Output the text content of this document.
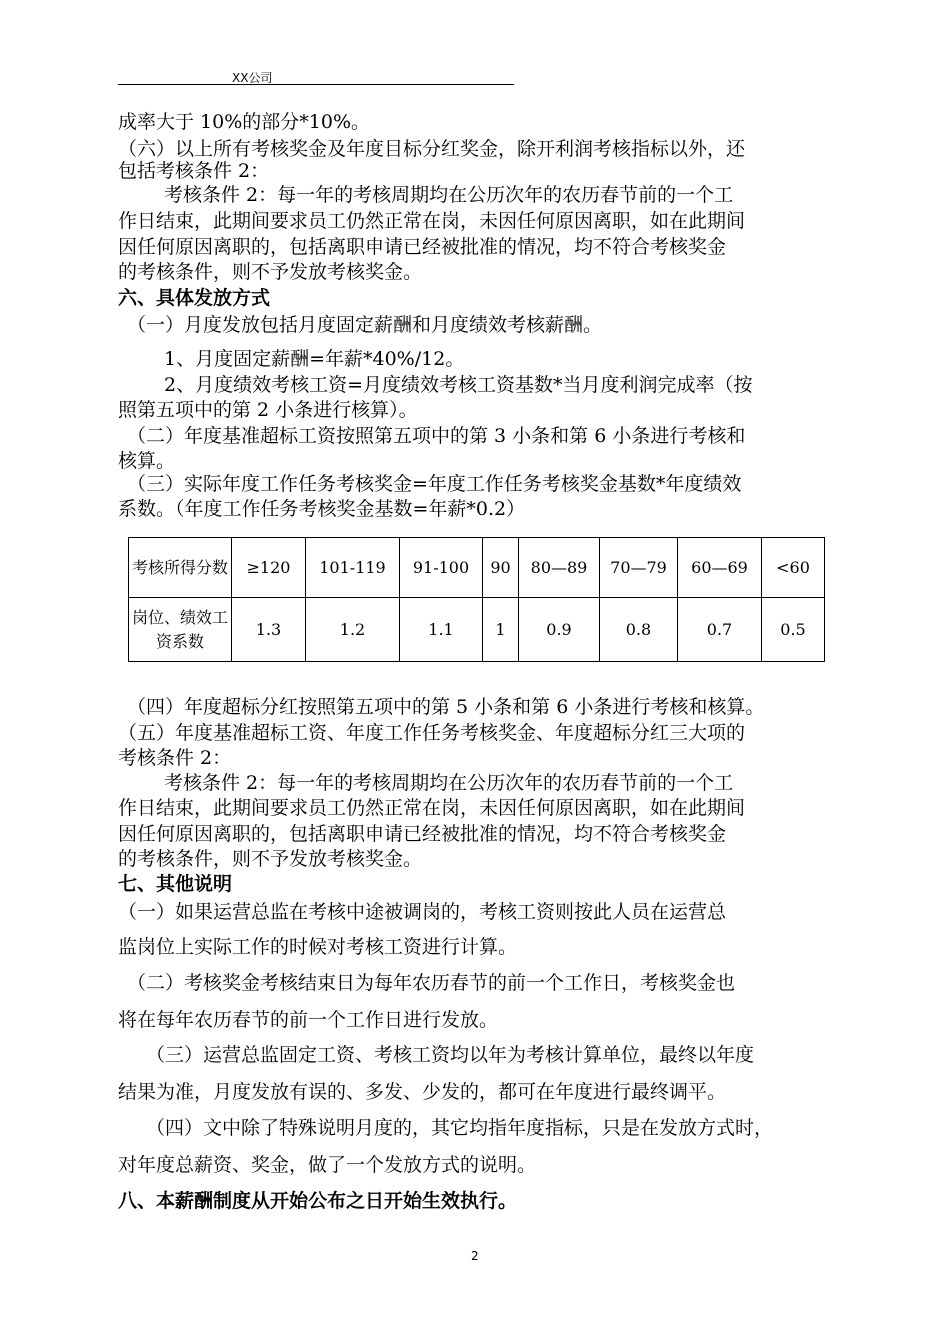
XX公司
成率大于 10%的部分*10%。
（六）以上所有考核奖金及年度目标分红奖金，除开利润考核指标以外，还
包括考核条件 2：
考核条件 2：每一年的考核周期均在公历次年的农历春节前的一个工
作日结束，此期间要求员工仍然正常在岗，未因任何原因离职，如在此期间
因任何原因离职的，包括离职申请已经被批准的情况，均不符合考核奖金
的考核条件，则不予发放考核奖金。
六、具体发放方式
（一）月度发放包括月度固定薪酬和月度绩效考核薪酬。
1、月度固定薪酬=年薪*40%/12。
2、月度绩效考核工资=月度绩效考核工资基数*当月度利润完成率（按
照第五项中的第 2 小条进行核算）。
（二）年度基准超标工资按照第五项中的第 3 小条和第 6 小条进行考核和
核算。
（三）实际年度工作任务考核奖金=年度工作任务考核奖金基数*年度绩效
系数。（年度工作任务考核奖金基数=年薪*0.2）
考核所得分数	≥120	101-119	91-100	90	80—89	70—79	60—69	<60
岗位、绩效工资系数	1.3	1.2	1.1	1	0.9	0.8	0.7	0.5
（四）年度超标分红按照第五项中的第 5 小条和第 6 小条进行考核和核算。
（五）年度基准超标工资、年度工作任务考核奖金、年度超标分红三大项的
考核条件 2：
考核条件 2：每一年的考核周期均在公历次年的农历春节前的一个工
作日结束，此期间要求员工仍然正常在岗，未因任何原因离职，如在此期间
因任何原因离职的，包括离职申请已经被批准的情况，均不符合考核奖金
的考核条件，则不予发放考核奖金。
七、其他说明
（一）如果运营总监在考核中途被调岗的，考核工资则按此人员在运营总
监岗位上实际工作的时候对考核工资进行计算。
（二）考核奖金考核结束日为每年农历春节的前一个工作日，考核奖金也
将在每年农历春节的前一个工作日进行发放。
（三）运营总监固定工资、考核工资均以年为考核计算单位，最终以年度
结果为准，月度发放有误的、多发、少发的，都可在年度进行最终调平。
（四）文中除了特殊说明月度的，其它均指年度指标，只是在发放方式时，
对年度总薪资、奖金，做了一个发放方式的说明。
八、本薪酬制度从开始公布之日开始生效执行。
2
